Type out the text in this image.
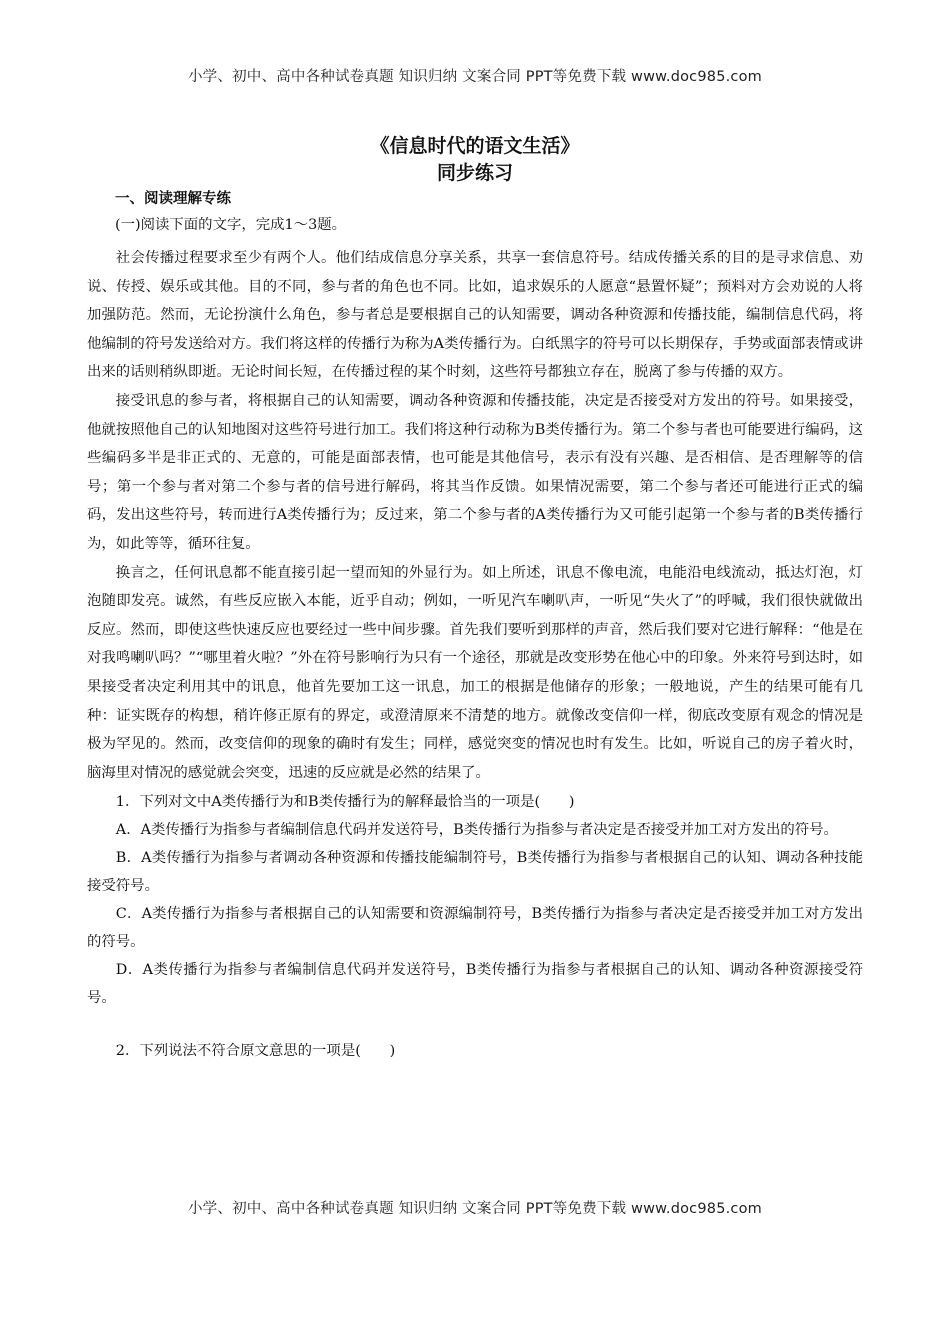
小学、初中、高中各种试卷真题 知识归纳 文案合同 PPT等免费下载 www.doc985.com
《信息时代的语文生活》
同步练习
一、阅读理解专练
(一)阅读下面的文字，完成1～3题。

社会传播过程要求至少有两个人。他们结成信息分享关系，共享一套信息符号。结成传播关系的目的是寻求信息、劝说、传授、娱乐或其他。目的不同，参与者的角色也不同。比如，追求娱乐的人愿意“悬置怀疑”；预料对方会劝说的人将加强防范。然而，无论扮演什么角色，参与者总是要根据自己的认知需要，调动各种资源和传播技能，编制信息代码，将他编制的符号发送给对方。我们将这样的传播行为称为A类传播行为。白纸黑字的符号可以长期保存，手势或面部表情或讲出来的话则稍纵即逝。无论时间长短，在传播过程的某个时刻，这些符号都独立存在，脱离了参与传播的双方。

接受讯息的参与者，将根据自己的认知需要，调动各种资源和传播技能，决定是否接受对方发出的符号。如果接受，他就按照他自己的认知地图对这些符号进行加工。我们将这种行动称为B类传播行为。第二个参与者也可能要进行编码，这些编码多半是非正式的、无意的，可能是面部表情，也可能是其他信号，表示有没有兴趣、是否相信、是否理解等的信号；第一个参与者对第二个参与者的信号进行解码，将其当作反馈。如果情况需要，第二个参与者还可能进行正式的编码，发出这些符号，转而进行A类传播行为；反过来，第二个参与者的A类传播行为又可能引起第一个参与者的B类传播行为，如此等等，循环往复。

换言之，任何讯息都不能直接引起一望而知的外显行为。如上所述，讯息不像电流，电能沿电线流动，抵达灯泡，灯泡随即发亮。诚然，有些反应嵌入本能，近乎自动；例如，一听见汽车喇叭声，一听见“失火了”的呼喊，我们很快就做出反应。然而，即使这些快速反应也要经过一些中间步骤。首先我们要听到那样的声音，然后我们要对它进行解释：“他是在对我鸣喇叭吗？”“哪里着火啦？”外在符号影响行为只有一个途径，那就是改变形势在他心中的印象。外来符号到达时，如果接受者决定利用其中的讯息，他首先要加工这一讯息，加工的根据是他储存的形象；一般地说，产生的结果可能有几种：证实既存的构想，稍许修正原有的界定，或澄清原来不清楚的地方。就像改变信仰一样，彻底改变原有观念的情况是极为罕见的。然而，改变信仰的现象的确时有发生；同样，感觉突变的情况也时有发生。比如，听说自己的房子着火时，脑海里对情况的感觉就会突变，迅速的反应就是必然的结果了。

1．下列对文中A类传播行为和B类传播行为的解释最恰当的一项是(　　)

A．A类传播行为指参与者编制信息代码并发送符号，B类传播行为指参与者决定是否接受并加工对方发出的符号。

B．A类传播行为指参与者调动各种资源和传播技能编制符号，B类传播行为指参与者根据自己的认知、调动各种技能接受符号。

C．A类传播行为指参与者根据自己的认知需要和资源编制符号，B类传播行为指参与者决定是否接受并加工对方发出的符号。

D．A类传播行为指参与者编制信息代码并发送符号，B类传播行为指参与者根据自己的认知、调动各种资源接受符号。

2．下列说法不符合原文意思的一项是(　　)

小学、初中、高中各种试卷真题 知识归纳 文案合同 PPT等免费下载 www.doc985.com
